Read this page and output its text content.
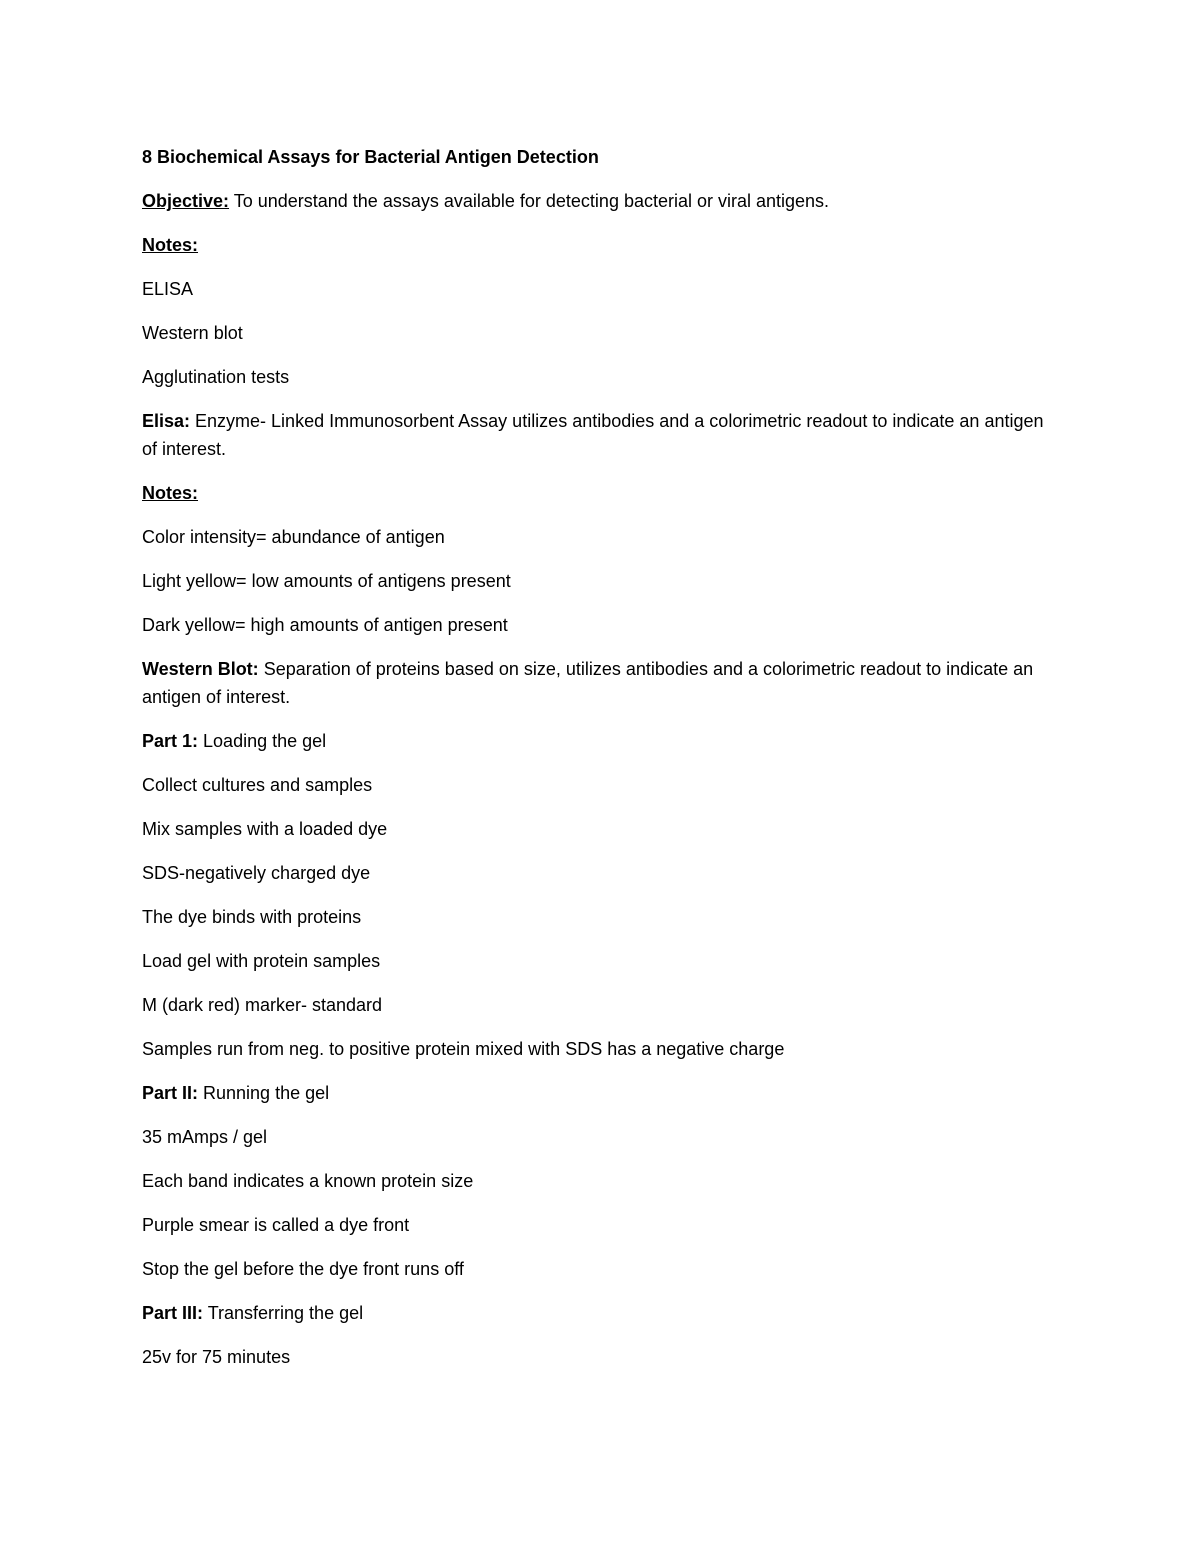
8 Biochemical Assays for Bacterial Antigen Detection

Objective: To understand the assays available for detecting bacterial or viral antigens.

Notes:

ELISA

Western blot

Agglutination tests

Elisa: Enzyme- Linked Immunosorbent Assay utilizes antibodies and a colorimetric readout to indicate an antigen of interest.

Notes:

Color intensity= abundance of antigen

Light yellow= low amounts of antigens present

Dark yellow= high amounts of antigen present

Western Blot: Separation of proteins based on size, utilizes antibodies and a colorimetric readout to indicate an antigen of interest.

Part 1: Loading the gel

Collect cultures and samples

Mix samples with a loaded dye

SDS-negatively charged dye

The dye binds with proteins

Load gel with protein samples

M (dark red) marker- standard

Samples run from neg. to positive protein mixed with SDS has a negative charge

Part II: Running the gel

35 mAmps / gel

Each band indicates a known protein size

Purple smear is called a dye front

Stop the gel before the dye front runs off

Part III: Transferring the gel

25v for 75 minutes
